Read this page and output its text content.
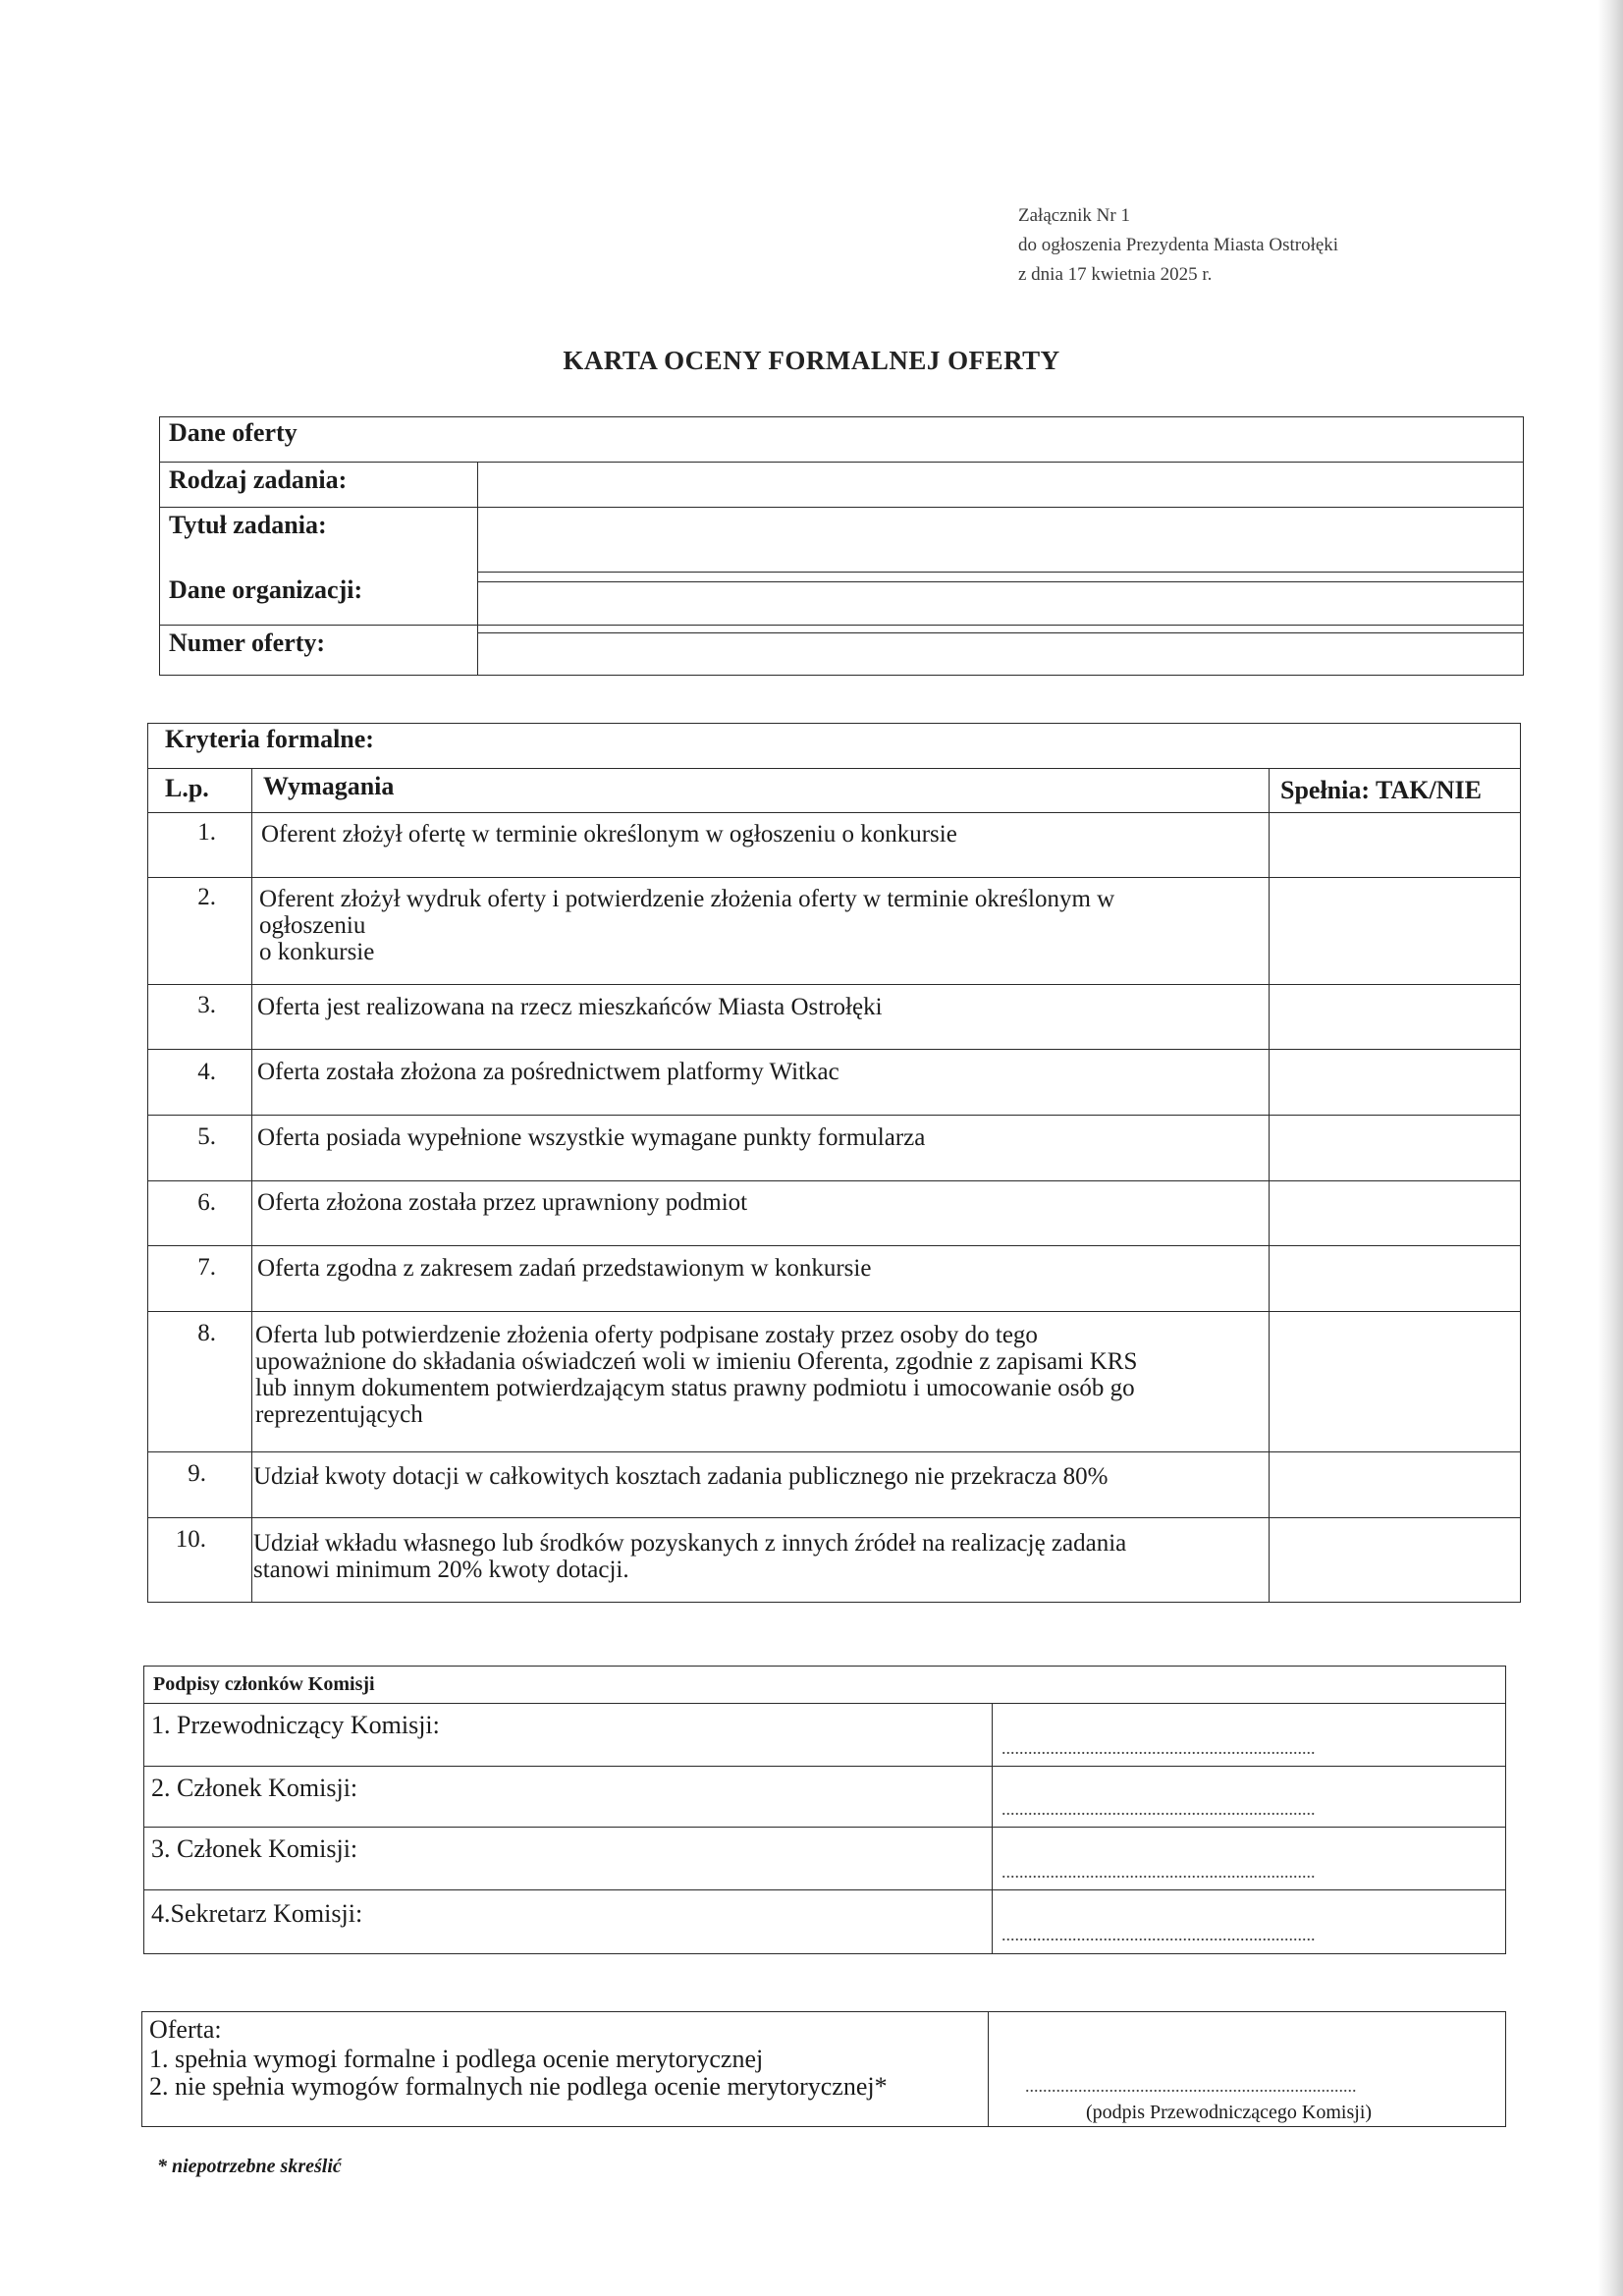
Załącznik Nr 1
do ogłoszenia Prezydenta Miasta Ostrołęki
z dnia 17 kwietnia 2025 r.
KARTA OCENY FORMALNEJ OFERTY
Dane oferty
Rodzaj zadania:
Tytuł zadania:
Dane organizacji:
Numer oferty:
Kryteria formalne:
L.p. Wymagania	Spełnia: TAK/NIE
1. Oferent złożył ofertę w terminie określonym w ogłoszeniu o konkursie
2. Oferent złożył wydruk oferty i potwierdzenie złożenia oferty w terminie określonym w
ogłoszeniu
o konkursie
3. Oferta jest realizowana na rzecz mieszkańców Miasta Ostrołęki
4. Oferta została złożona za pośrednictwem platformy Witkac
5. Oferta posiada wypełnione wszystkie wymagane punkty formularza
6. Oferta złożona została przez uprawniony podmiot
7. Oferta zgodna z zakresem zadań przedstawionym w konkursie
8. Oferta lub potwierdzenie złożenia oferty podpisane zostały przez osoby do tego
upoważnione do składania oświadczeń woli w imieniu Oferenta, zgodnie z zapisami KRS
lub innym dokumentem potwierdzającym status prawny podmiotu i umocowanie osób go
reprezentujących
9. Udział kwoty dotacji w całkowitych kosztach zadania publicznego nie przekracza 80%
10. Udział wkładu własnego lub środków pozyskanych z innych źródeł na realizację zadania
stanowi minimum 20% kwoty dotacji.
Podpisy członków Komisji
1. Przewodniczący Komisji:
.......................................................................
2. Członek Komisji:
.......................................................................
3. Członek Komisji:
.......................................................................
4.Sekretarz Komisji:
.......................................................................
Oferta:
1. spełnia wymogi formalne i podlega ocenie merytorycznej
2. nie spełnia wymogów formalnych nie podlega ocenie merytorycznej*	...........................................................................
(podpis Przewodniczącego Komisji)
* niepotrzebne skreślić
